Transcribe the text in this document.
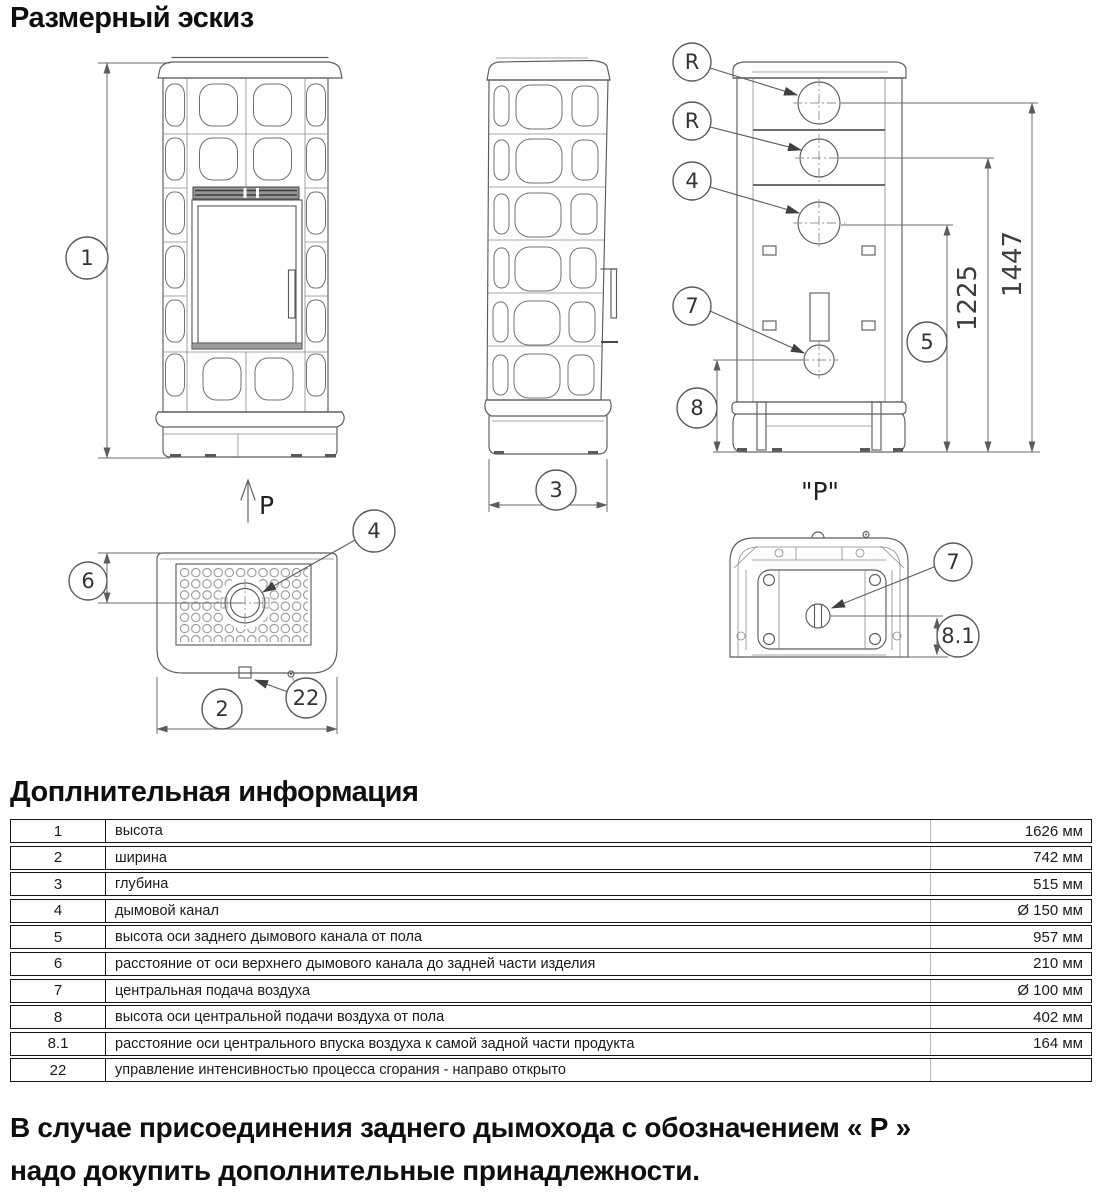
Размерный эскиз
1
P
3
1225
1447
R
R
4
7
8
5
"P"
6
4
22
2
7
8.1
Доплнительная информация
1	высота	1626 мм
2	ширина	742 мм
3	глубина	515 мм
4	дымовой канал	Ø 150 мм
5	высота оси заднего дымового канала от пола	957 мм
6	расстояние от оси верхнего дымового канала до задней части изделия	210 мм
7	центральная подача воздуха	Ø 100 мм
8	высота оси центральной подачи воздуха от пола	402 мм
8.1	расстояние оси центрального впуска воздуха к самой задной части продукта	164 мм
22	управление интенсивностью процесса сгорания - направо открыто

В случае присоединения заднего дымохода с обозначением « Р »
надо докупить дополнительные принадлежности.
